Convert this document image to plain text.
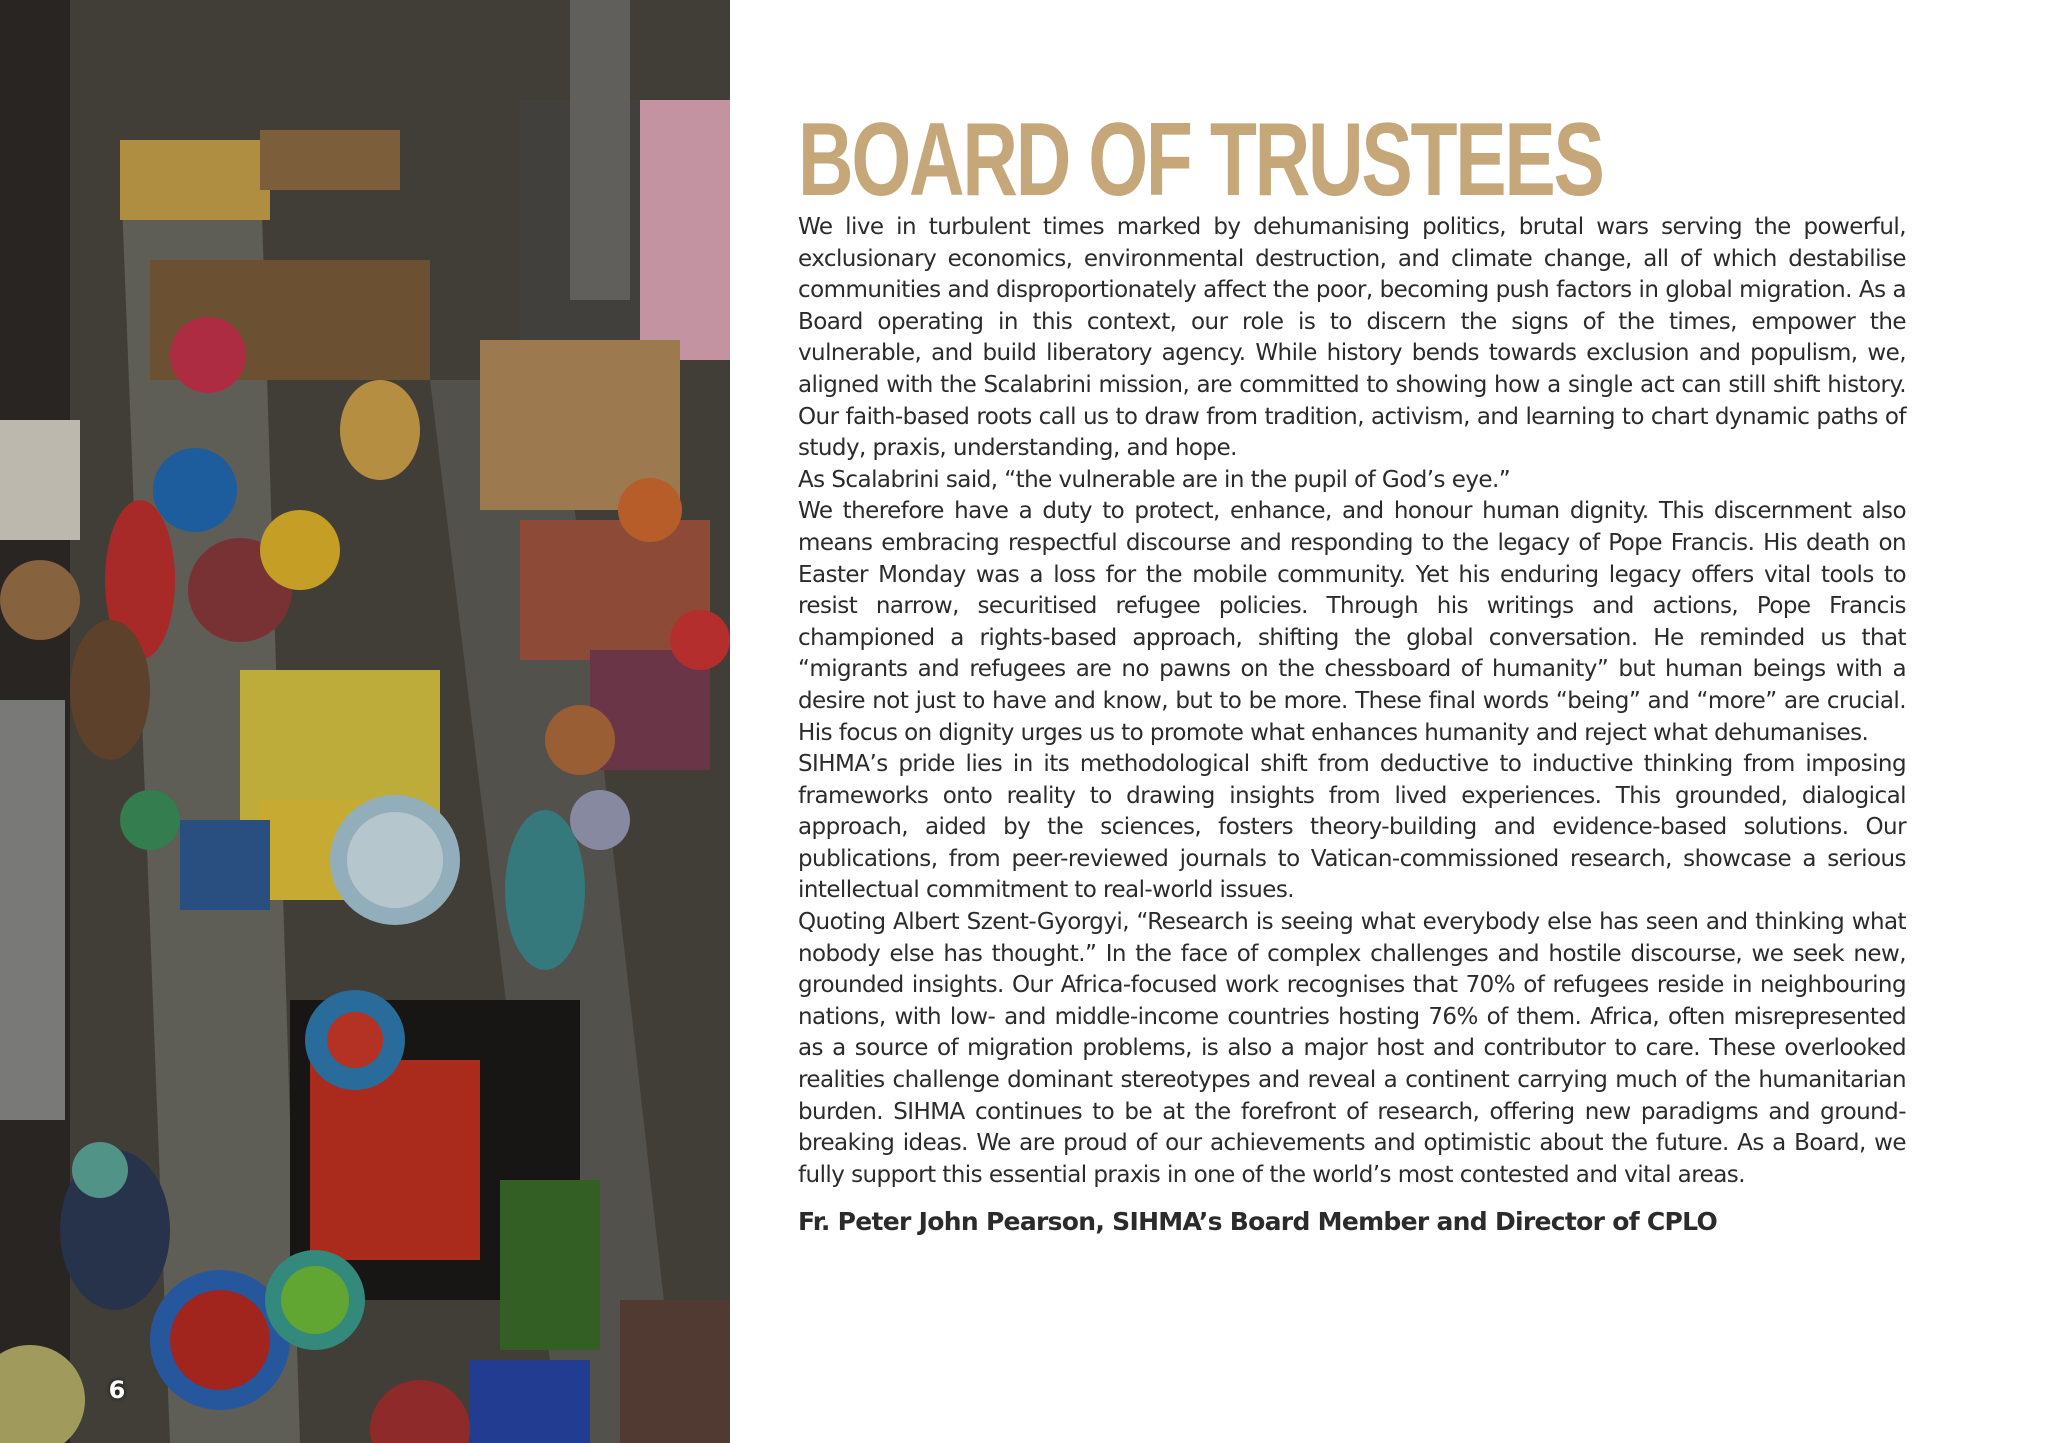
6
BOARD OF TRUSTEES

We live in turbulent times marked by dehumanising politics, brutal wars serving the powerful, exclusionary economics, environmental destruction, and climate change, all of which destabilise communities and disproportionately affect the poor, becoming push factors in global migration. As a Board operating in this context, our role is to discern the signs of the times, empower the vulnerable, and build liberatory agency. While history bends towards exclusion and populism, we, aligned with the Scalabrini mission, are committed to showing how a single act can still shift history. Our faith-based roots call us to draw from tradition, activism, and learning to chart dynamic paths of study, praxis, understanding, and hope.

As Scalabrini said, “the vulnerable are in the pupil of God’s eye.”

We therefore have a duty to protect, enhance, and honour human dignity. This discernment also means embracing respectful discourse and responding to the legacy of Pope Francis. His death on Easter Monday was a loss for the mobile community. Yet his enduring legacy offers vital tools to resist narrow, securitised refugee policies. Through his writings and actions, Pope Francis championed a rights-based approach, shifting the global conversation. He reminded us that “migrants and refugees are no pawns on the chessboard of humanity” but human beings with a desire not just to have and know, but to be more. These final words “being” and “more” are crucial. His focus on dignity urges us to promote what enhances humanity and reject what dehumanises.

SIHMA’s pride lies in its methodological shift from deductive to inductive thinking from imposing frameworks onto reality to drawing insights from lived experiences. This grounded, dialogical approach, aided by the sciences, fosters theory-building and evidence-based solutions. Our publications, from peer-reviewed journals to Vatican-commissioned research, showcase a serious intellectual commitment to real-world issues.

Quoting Albert Szent-Gyorgyi, “Research is seeing what everybody else has seen and thinking what nobody else has thought.” In the face of complex challenges and hostile discourse, we seek new, grounded insights. Our Africa-focused work recognises that 70% of refugees reside in neighbouring nations, with low- and middle-income countries hosting 76% of them. Africa, often misrepresented as a source of migration problems, is also a major host and contributor to care. These overlooked realities challenge dominant stereotypes and reveal a continent carrying much of the humanitarian burden. SIHMA continues to be at the forefront of research, offering new paradigms and ground-breaking ideas. We are proud of our achievements and optimistic about the future. As a Board, we fully support this essential praxis in one of the world’s most contested and vital areas.

Fr. Peter John Pearson, SIHMA’s Board Member and Director of CPLO
